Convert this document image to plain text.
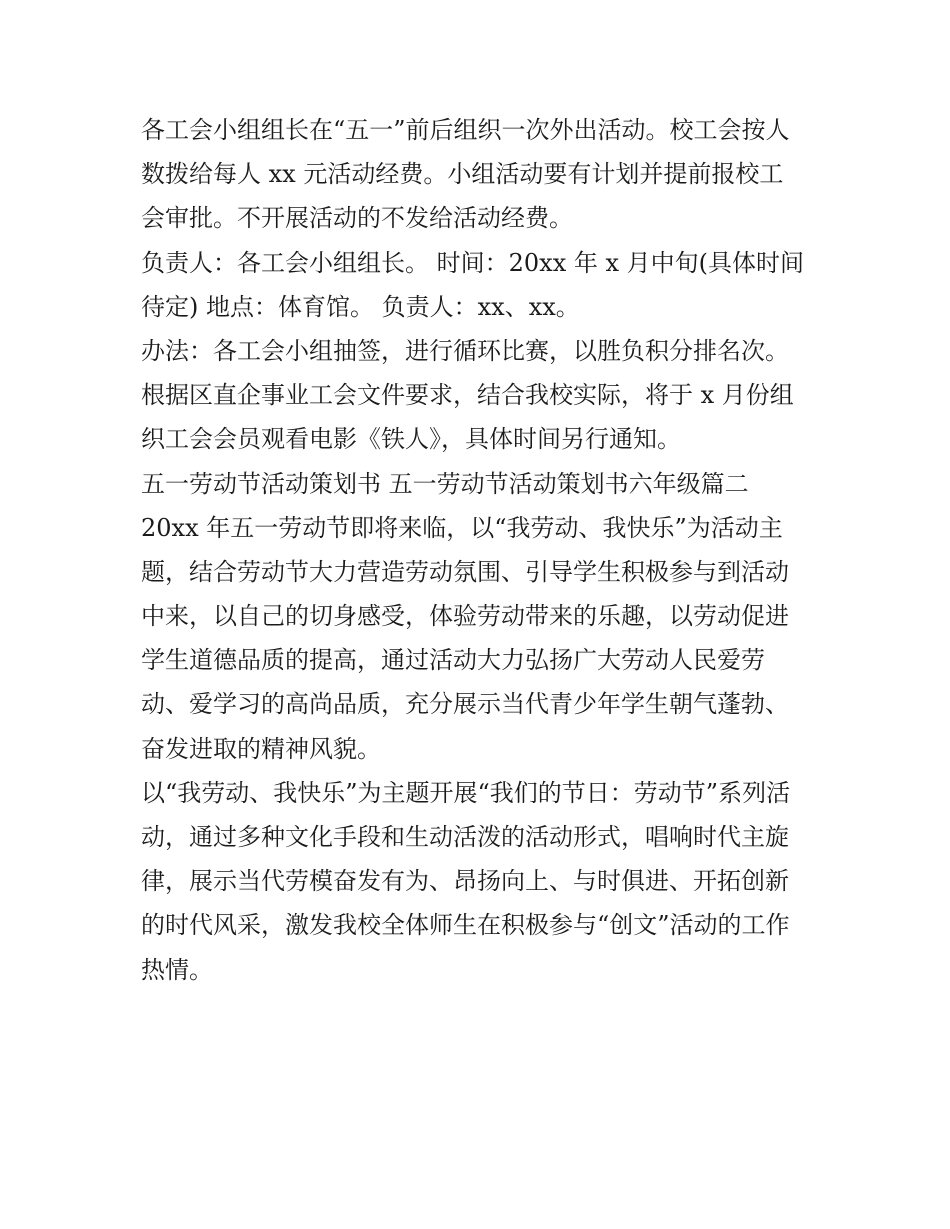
各工会小组组长在“五一”前后组织一次外出活动。校工会按人
数拨给每人 xx 元活动经费。小组活动要有计划并提前报校工
会审批。不开展活动的不发给活动经费。
负责人：各工会小组组长。 时间：20xx 年 x 月中旬(具体时间
待定) 地点：体育馆。 负责人：xx、xx。
办法：各工会小组抽签，进行循环比赛，以胜负积分排名次。
根据区直企事业工会文件要求，结合我校实际，将于 x 月份组
织工会会员观看电影《铁人》，具体时间另行通知。
五一劳动节活动策划书 五一劳动节活动策划书六年级篇二
20xx 年五一劳动节即将来临，以“我劳动、我快乐”为活动主
题，结合劳动节大力营造劳动氛围、引导学生积极参与到活动
中来，以自己的切身感受，体验劳动带来的乐趣，以劳动促进
学生道德品质的提高，通过活动大力弘扬广大劳动人民爱劳
动、爱学习的高尚品质，充分展示当代青少年学生朝气蓬勃、
奋发进取的精神风貌。
以“我劳动、我快乐”为主题开展“我们的节日：劳动节”系列活
动，通过多种文化手段和生动活泼的活动形式，唱响时代主旋
律，展示当代劳模奋发有为、昂扬向上、与时俱进、开拓创新
的时代风采，激发我校全体师生在积极参与“创文”活动的工作
热情。
